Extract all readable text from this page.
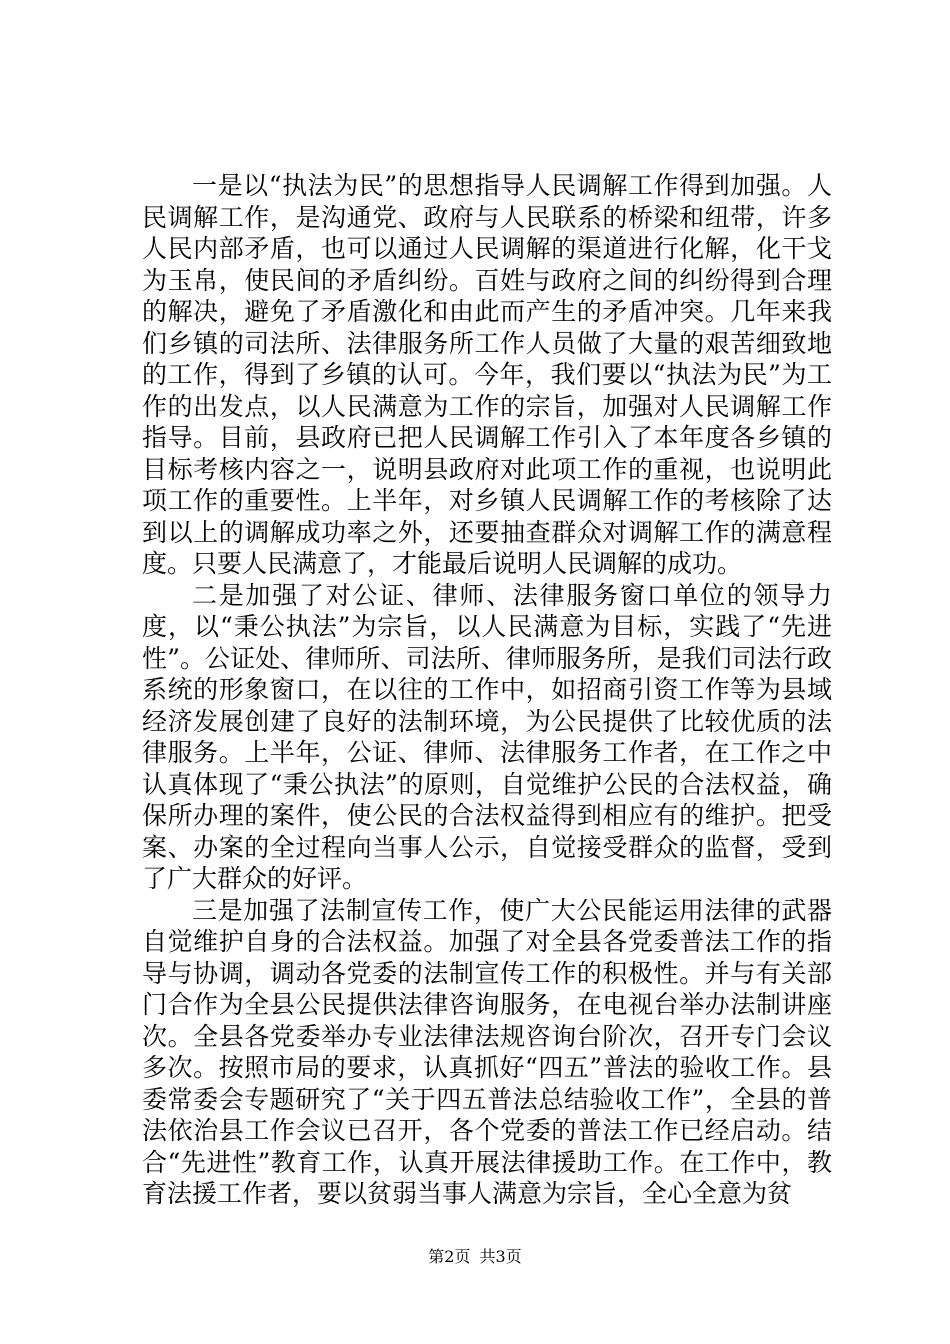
一是以“执法为民”的思想指导人民调解工作得到加强。人民调解工作，是沟通党、政府与人民联系的桥梁和纽带，许多人民内部矛盾，也可以通过人民调解的渠道进行化解，化干戈为玉帛，使民间的矛盾纠纷。百姓与政府之间的纠纷得到合理的解决，避免了矛盾激化和由此而产生的矛盾冲突。几年来我们乡镇的司法所、法律服务所工作人员做了大量的艰苦细致地的工作，得到了乡镇的认可。今年，我们要以“执法为民”为工作的出发点，以人民满意为工作的宗旨，加强对人民调解工作指导。目前，县政府已把人民调解工作引入了本年度各乡镇的目标考核内容之一，说明县政府对此项工作的重视，也说明此项工作的重要性。上半年，对乡镇人民调解工作的考核除了达到以上的调解成功率之外，还要抽查群众对调解工作的满意程度。只要人民满意了，才能最后说明人民调解的成功。

二是加强了对公证、律师、法律服务窗口单位的领导力度，以“秉公执法”为宗旨，以人民满意为目标，实践了“先进性”。公证处、律师所、司法所、律师服务所，是我们司法行政系统的形象窗口，在以往的工作中，如招商引资工作等为县域经济发展创建了良好的法制环境，为公民提供了比较优质的法律服务。上半年，公证、律师、法律服务工作者，在工作之中认真体现了“秉公执法”的原则，自觉维护公民的合法权益，确保所办理的案件，使公民的合法权益得到相应有的维护。把受案、办案的全过程向当事人公示，自觉接受群众的监督，受到了广大群众的好评。

三是加强了法制宣传工作，使广大公民能运用法律的武器自觉维护自身的合法权益。加强了对全县各党委普法工作的指导与协调，调动各党委的法制宣传工作的积极性。并与有关部门合作为全县公民提供法律咨询服务，在电视台举办法制讲座次。全县各党委举办专业法律法规咨询台阶次，召开专门会议多次。按照市局的要求，认真抓好“四五”普法的验收工作。县委常委会专题研究了“关于四五普法总结验收工作”，全县的普法依治县工作会议已召开，各个党委的普法工作已经启动。结合“先进性”教育工作，认真开展法律援助工作。在工作中，教育法援工作者，要以贫弱当事人满意为宗旨，全心全意为贫

第2页 共3页
